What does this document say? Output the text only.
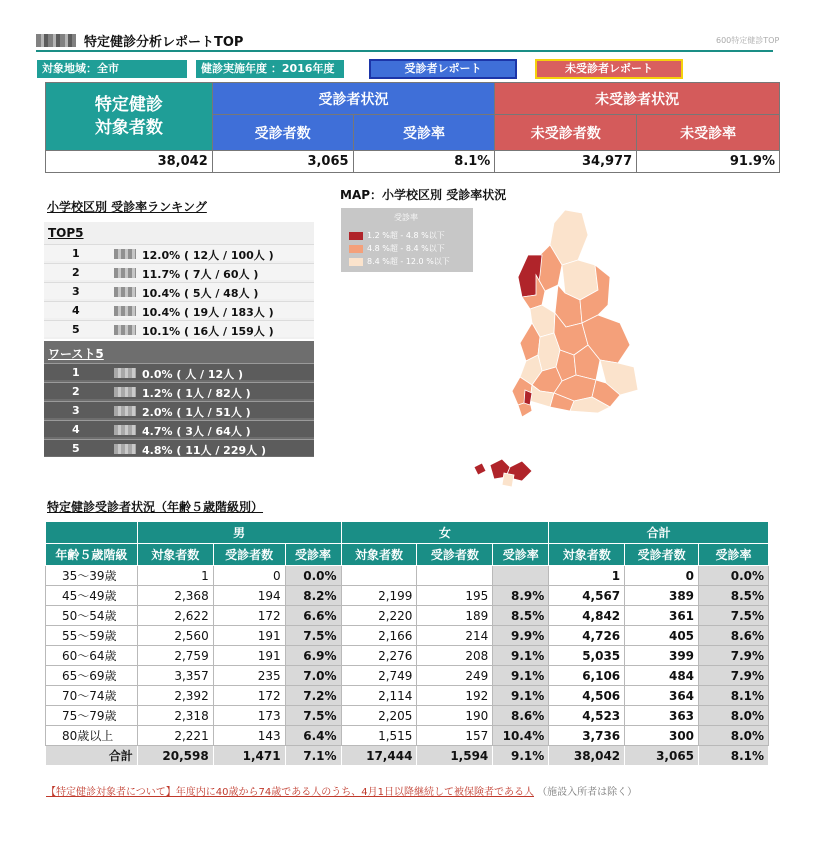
特定健診分析レポートTOP	600特定健診TOP
対象地域：全市	健診実施年度 ：2016年度	受診者レポート	未受診者レポート
特定健診
対象者数	受診者状況		未受診者状況	
	受診者数	受診率	未受診者数	未受診率
38,042	3,065	8.1%	34,977	91.9%
小学校区別 受診率ランキング
TOP5
1	12.0% ( 12人 / 100人 )
2	11.7% ( 7人 / 60人 )
3	10.4% ( 5人 / 48人 )
4	10.4% ( 19人 / 183人 )
5	10.1% ( 16人 / 159人 )
ワースト5
1	0.0% ( 人 / 12人 )
2	1.2% ( 1人 / 82人 )
3	2.0% ( 1人 / 51人 )
4	4.7% ( 3人 / 64人 )
5	4.8% ( 11人 / 229人 )
MAP：小学校区別 受診率状況
受診率
1.2 %超 - 4.8 %以下
4.8 %超 - 8.4 %以下
8.4 %超 - 12.0 %以下
特定健診受診者状況（年齢５歳階級別）
	男			女			合計		
年齢５歳階級	対象者数	受診者数	受診率	対象者数	受診者数	受診率	対象者数	受診者数	受診率
35～39歳	1	0	0.0%				1	0	0.0%
45～49歳	2,368	194	8.2%	2,199	195	8.9%	4,567	389	8.5%
50～54歳	2,622	172	6.6%	2,220	189	8.5%	4,842	361	7.5%
55～59歳	2,560	191	7.5%	2,166	214	9.9%	4,726	405	8.6%
60～64歳	2,759	191	6.9%	2,276	208	9.1%	5,035	399	7.9%
65～69歳	3,357	235	7.0%	2,749	249	9.1%	6,106	484	7.9%
70～74歳	2,392	172	7.2%	2,114	192	9.1%	4,506	364	8.1%
75～79歳	2,318	173	7.5%	2,205	190	8.6%	4,523	363	8.0%
80歳以上	2,221	143	6.4%	1,515	157	10.4%	3,736	300	8.0%
合計	20,598	1,471	7.1%	17,444	1,594	9.1%	38,042	3,065	8.1%
【特定健診対象者について】年度内に40歳から74歳である人のうち、4月1日以降継続して被保険者である人 （施設入所者は除く）
